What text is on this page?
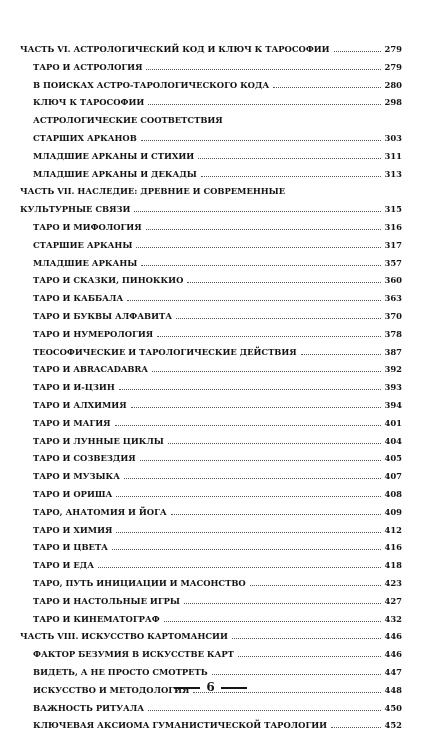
ЧАСТЬ VI. АСТРОЛОГИЧЕСКИЙ КОД И КЛЮЧ К ТАРОСОФИИ	279
ТАРО И АСТРОЛОГИЯ	279
В ПОИСКАХ АСТРО-ТАРОЛОГИЧЕСКОГО КОДА	280
КЛЮЧ К ТАРОСОФИИ	298
АСТРОЛОГИЧЕСКИЕ СООТВЕТСТВИЯ
СТАРШИХ АРКАНОВ	303
МЛАДШИЕ АРКАНЫ И СТИХИИ	311
МЛАДШИЕ АРКАНЫ И ДЕКАДЫ	313
ЧАСТЬ VII. НАСЛЕДИЕ: ДРЕВНИЕ И СОВРЕМЕННЫЕ
КУЛЬТУРНЫЕ СВЯЗИ	315
ТАРО И МИФОЛОГИЯ	316
СТАРШИЕ АРКАНЫ	317
МЛАДШИЕ АРКАНЫ	357
ТАРО И СКАЗКИ, ПИНОККИО	360
ТАРО И КАББАЛА	363
ТАРО И БУКВЫ АЛФАВИТА	370
ТАРО И НУМЕРОЛОГИЯ	378
ТЕОСОФИЧЕСКИЕ И ТАРОЛОГИЧЕСКИЕ ДЕЙСТВИЯ	387
ТАРО И ABRACADABRA	392
ТАРО И И-ЦЗИН	393
ТАРО И АЛХИМИЯ	394
ТАРО И МАГИЯ	401
ТАРО И ЛУННЫЕ ЦИКЛЫ	404
ТАРО И СОЗВЕЗДИЯ	405
ТАРО И МУЗЫКА	407
ТАРО И ОРИША	408
ТАРО, АНАТОМИЯ И ЙОГА	409
ТАРО И ХИМИЯ	412
ТАРО И ЦВЕТА	416
ТАРО И ЕДА	418
ТАРО, ПУТЬ ИНИЦИАЦИИ И МАСОНСТВО	423
ТАРО И НАСТОЛЬНЫЕ ИГРЫ	427
ТАРО И КИНЕМАТОГРАФ	432
ЧАСТЬ VIII. ИСКУССТВО КАРТОМАНСИИ	446
ФАКТОР БЕЗУМИЯ В ИСКУССТВЕ КАРТ	446
ВИДЕТЬ, А НЕ ПРОСТО СМОТРЕТЬ	447
ИСКУССТВО И МЕТОДОЛОГИЯ	448
ВАЖНОСТЬ РИТУАЛА	450
КЛЮЧЕВАЯ АКСИОМА ГУМАНИСТИЧЕСКОЙ ТАРОЛОГИИ	452
6
